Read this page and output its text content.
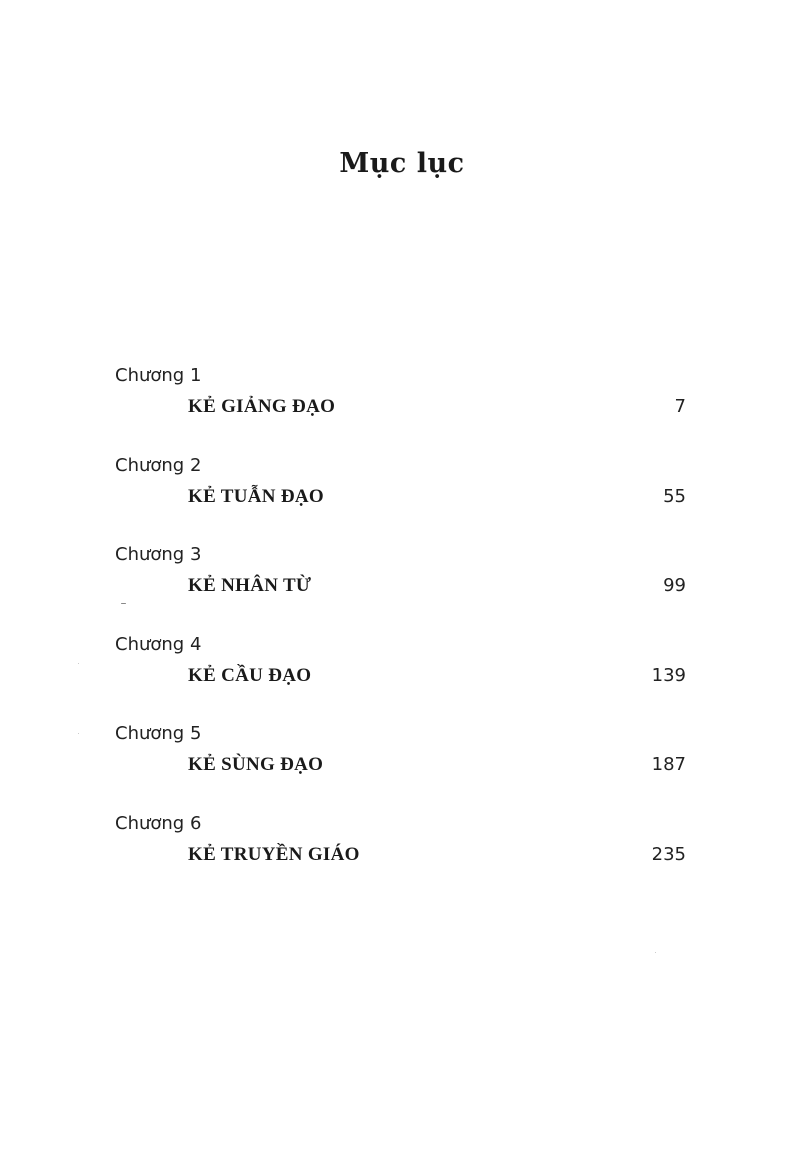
Mục lục
Chương 1
KẺ GIẢNG ĐẠO	7
Chương 2
KẺ TUẪN ĐẠO	55
Chương 3
KẺ NHÂN TỪ	99
Chương 4
KẺ CẦU ĐẠO	139
Chương 5
KẺ SÙNG ĐẠO	187
Chương 6
KẺ TRUYỀN GIÁO	235
